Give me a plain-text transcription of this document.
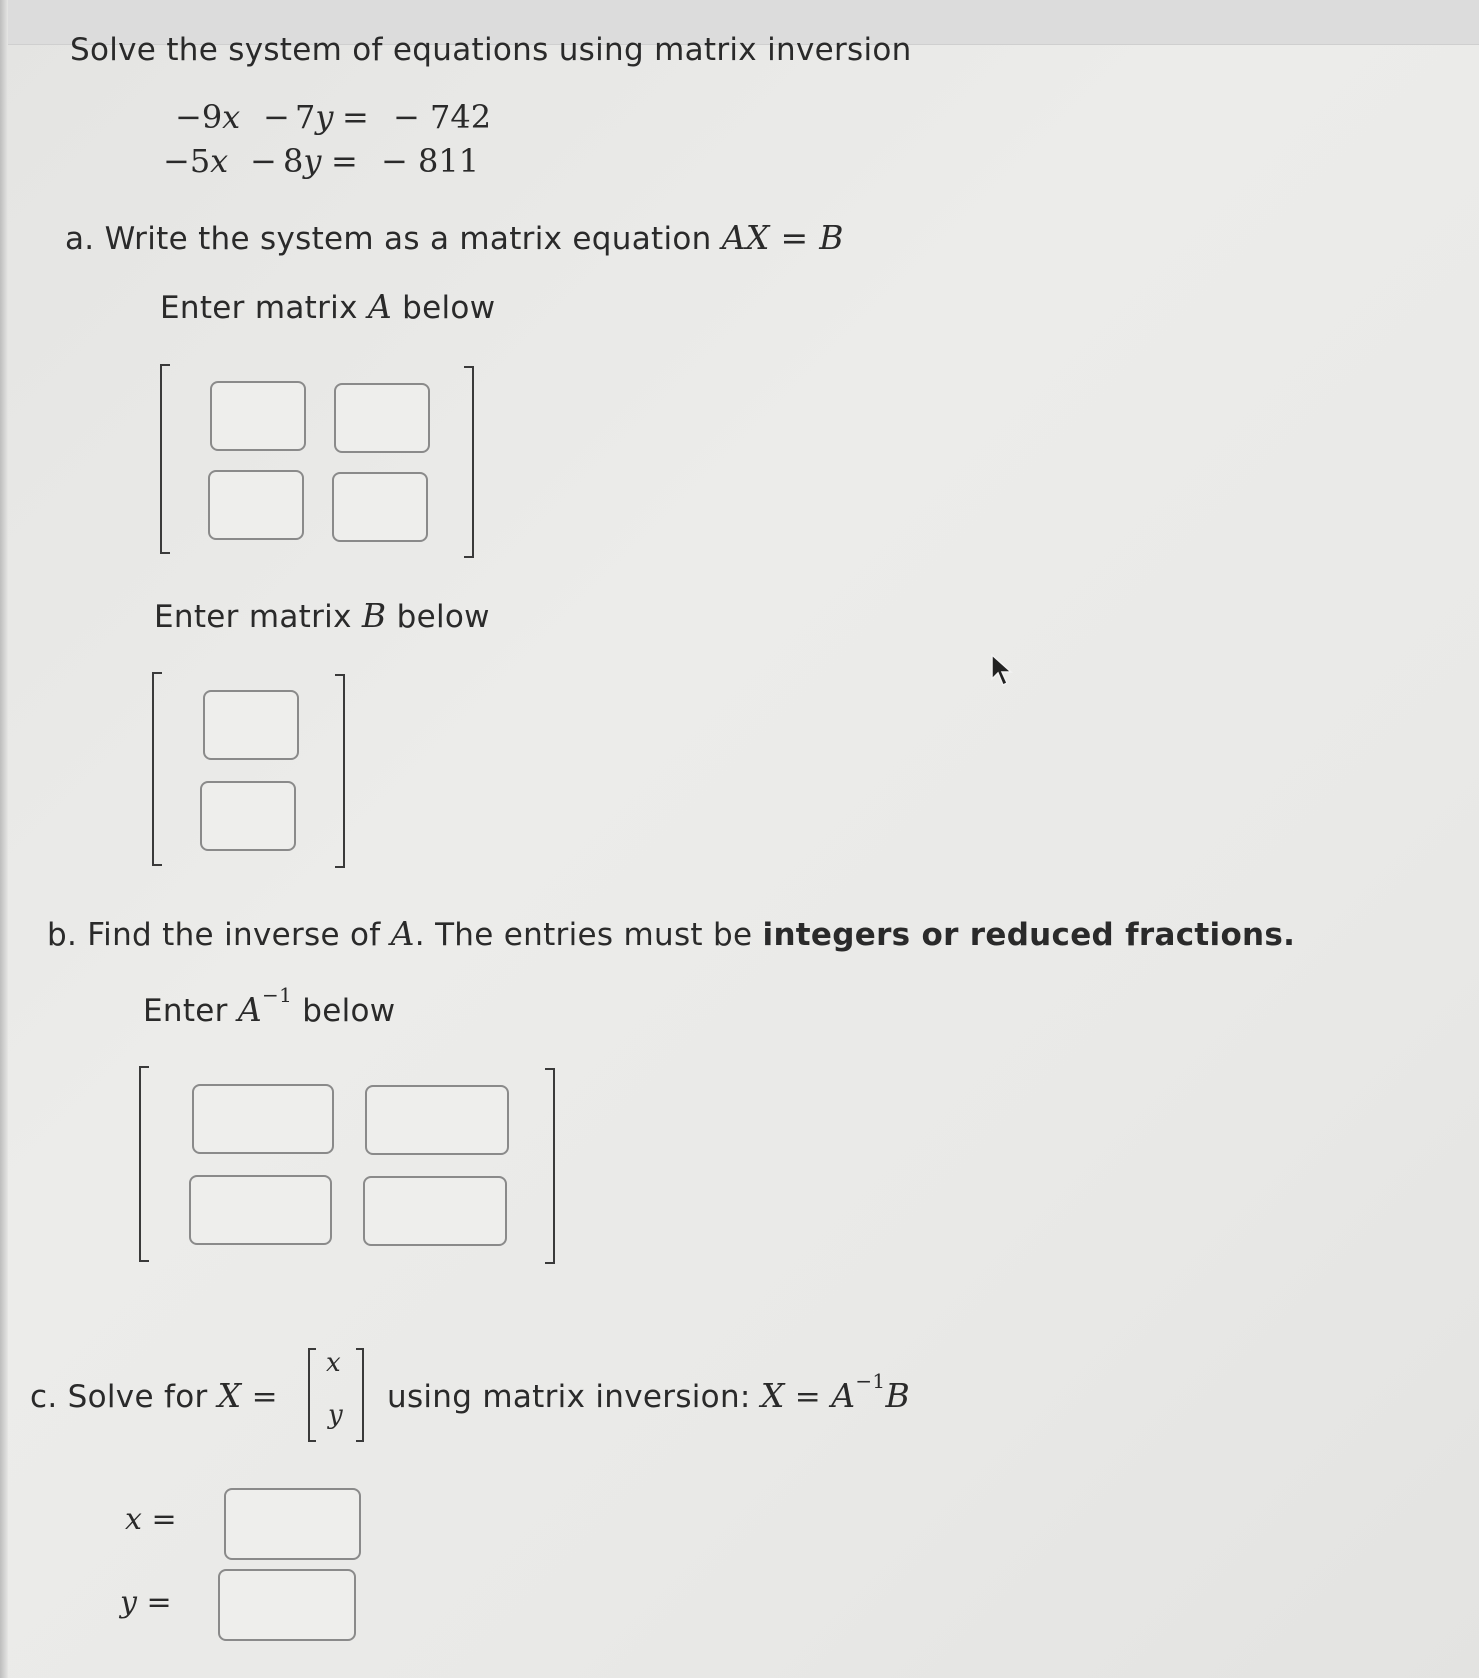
Solve the system of equations using matrix inversion
−9x − 7y = − 742
−5x − 8y = − 811
a. Write the system as a matrix equation AX = B
Enter matrix A below
Enter matrix B below
b. Find the inverse of A. The entries must be integers or reduced fractions.
Enter $A^{-1}$ below
c. Solve for X =
x
y using matrix inversion: $X = A^{-1}B$
x =
y =
